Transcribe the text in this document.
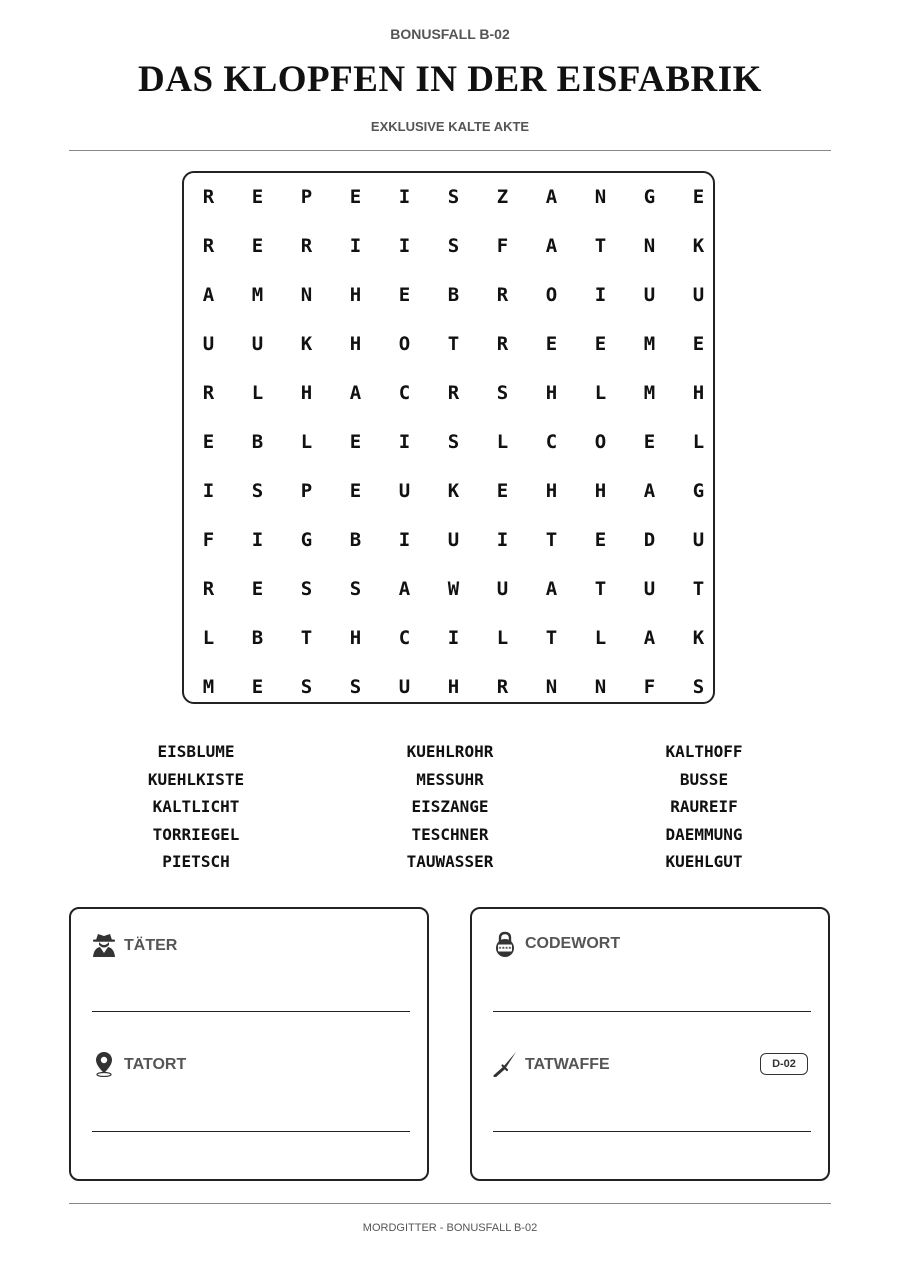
BONUSFALL B-02
DAS KLOPFEN IN DER EISFABRIK
EXKLUSIVE KALTE AKTE
R	E	P	E	I	S	Z	A	N	G	E
R	E	R	I	I	S	F	A	T	N	K
A	M	N	H	E	B	R	O	I	U	U
U	U	K	H	O	T	R	E	E	M	E
R	L	H	A	C	R	S	H	L	M	H
E	B	L	E	I	S	L	C	O	E	L
I	S	P	E	U	K	E	H	H	A	G
F	I	G	B	I	U	I	T	E	D	U
R	E	S	S	A	W	U	A	T	U	T
L	B	T	H	C	I	L	T	L	A	K
M	E	S	S	U	H	R	N	N	F	S
EISBLUME
KUEHLKISTE
KALTLICHT
TORRIEGEL
PIETSCH
KUEHLROHR
MESSUHR
EISZANGE
TESCHNER
TAUWASSER
KALTHOFF
BUSSE
RAUREIF
DAEMMUNG
KUEHLGUT
TÄTER
TATORT
**** CODEWORT
TATWAFFE	D-02
MORDGITTER - BONUSFALL B-02
